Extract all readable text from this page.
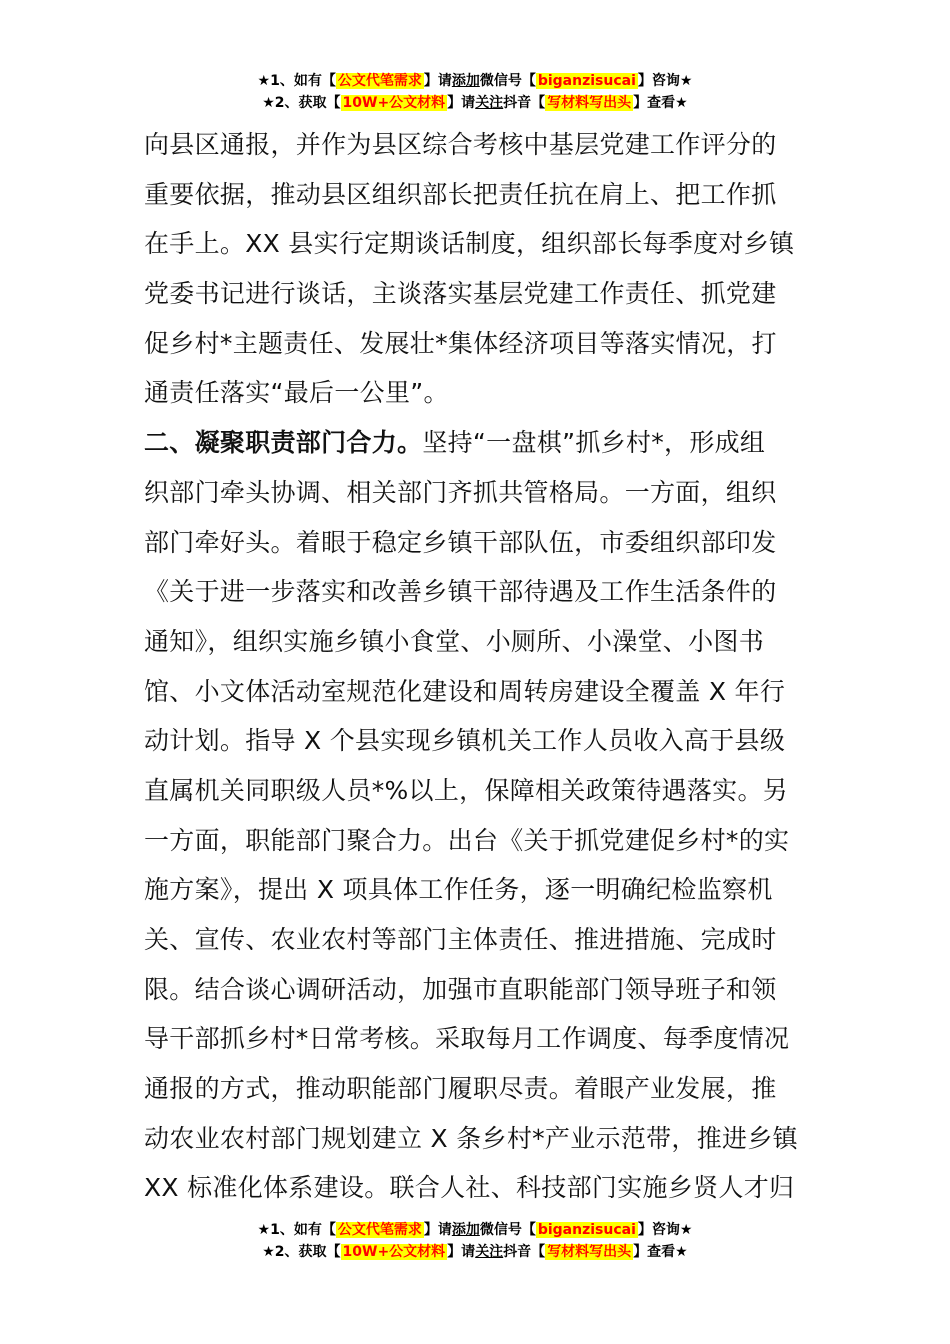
★1、如有【 公文代笔需求 】请添加微信号【 biganzisucai 】咨询★
★2、获取【 10W+公文材料 】请关注抖音【 写材料写出头 】查看★
向县区通报，并作为县区综合考核中基层党建工作评分的
重要依据，推动县区组织部长把责任抗在肩上、把工作抓
在手上。XX 县实行定期谈话制度，组织部长每季度对乡镇
党委书记进行谈话，主谈落实基层党建工作责任、抓党建
促乡村*主题责任、发展壮*集体经济项目等落实情况，打
通责任落实“最后一公里”。
二、凝聚职责部门合力。坚持“一盘棋”抓乡村*，形成组
织部门牵头协调、相关部门齐抓共管格局。一方面，组织
部门牵好头。着眼于稳定乡镇干部队伍，市委组织部印发
《关于进一步落实和改善乡镇干部待遇及工作生活条件的
通知》，组织实施乡镇小食堂、小厕所、小澡堂、小图书
馆、小文体活动室规范化建设和周转房建设全覆盖 X 年行
动计划。指导 X 个县实现乡镇机关工作人员收入高于县级
直属机关同职级人员*%以上，保障相关政策待遇落实。另
一方面，职能部门聚合力。出台《关于抓党建促乡村*的实
施方案》，提出 X 项具体工作任务，逐一明确纪检监察机
关、宣传、农业农村等部门主体责任、推进措施、完成时
限。结合谈心调研活动，加强市直职能部门领导班子和领
导干部抓乡村*日常考核。采取每月工作调度、每季度情况
通报的方式，推动职能部门履职尽责。着眼产业发展，推
动农业农村部门规划建立 X 条乡村*产业示范带，推进乡镇
XX 标准化体系建设。联合人社、科技部门实施乡贤人才归
★1、如有【 公文代笔需求 】请添加微信号【 biganzisucai 】咨询★
★2、获取【 10W+公文材料 】请关注抖音【 写材料写出头 】查看★
